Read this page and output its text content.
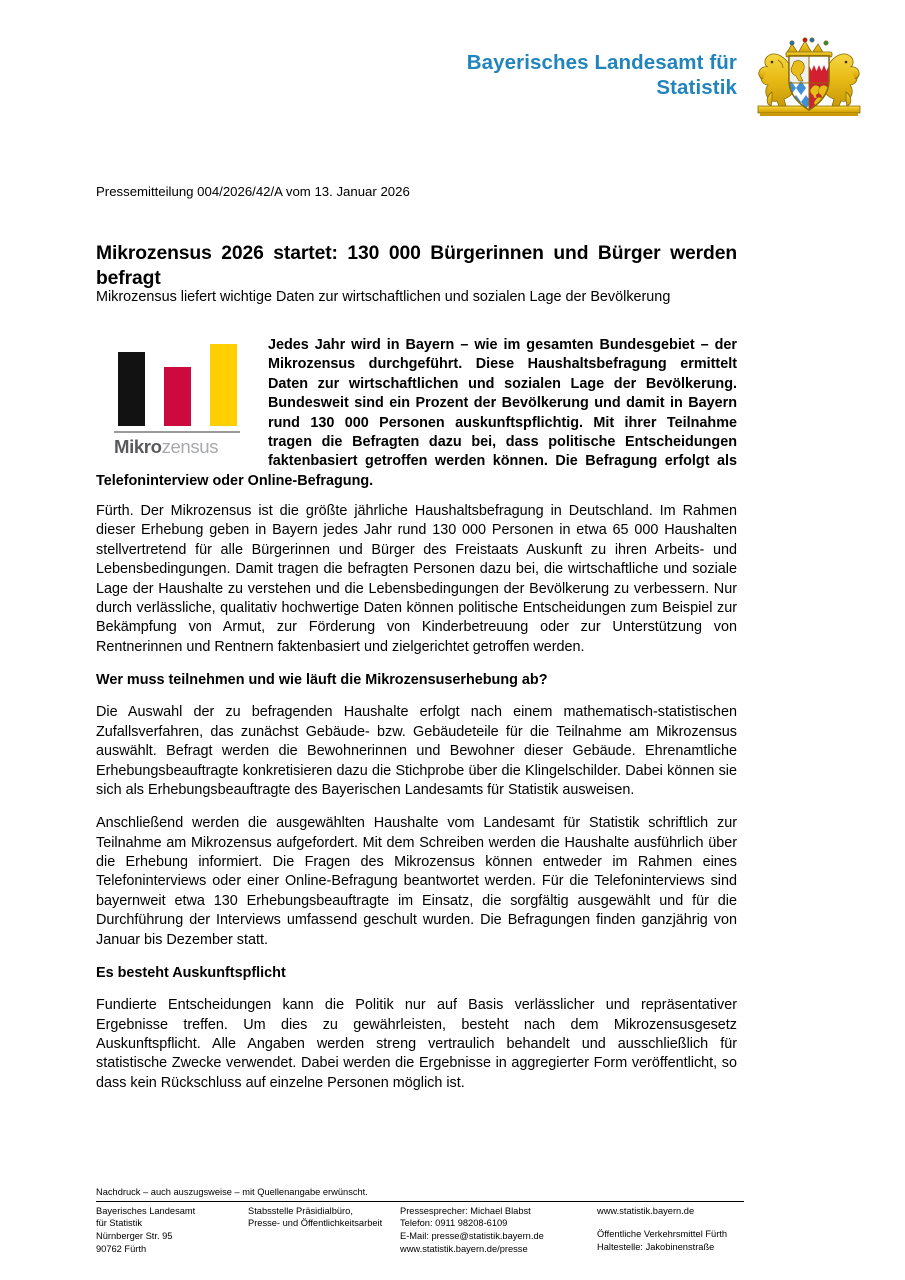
Bayerisches Landesamt für
Statistik
Pressemitteilung 004/2026/42/A vom 13. Januar 2026
Mikrozensus 2026 startet: 130 000 Bürgerinnen und Bürger werden befragt
Mikrozensus liefert wichtige Daten zur wirtschaftlichen und sozialen Lage der Bevölkerung
Mikrozensus
Jedes Jahr wird in Bayern – wie im gesamten Bundesgebiet – der Mikrozensus durchgeführt. Diese Haushaltsbefragung ermittelt Daten zur wirtschaftlichen und sozialen Lage der Bevölkerung. Bundesweit sind ein Prozent der Bevölkerung und damit in Bayern rund 130 000 Personen auskunftspflichtig. Mit ihrer Teilnahme tragen die Befragten dazu bei, dass politische Entscheidungen faktenbasiert getroffen werden können. Die Befragung erfolgt als Telefoninterview oder Online-Befragung.

Fürth. Der Mikrozensus ist die größte jährliche Haushaltsbefragung in Deutschland. Im Rahmen dieser Erhebung geben in Bayern jedes Jahr rund 130 000 Personen in etwa 65 000 Haushalten stellvertretend für alle Bürgerinnen und Bürger des Freistaats Auskunft zu ihren Arbeits- und Lebensbedingungen. Damit tragen die befragten Personen dazu bei, die wirtschaftliche und soziale Lage der Haushalte zu verstehen und die Lebensbedingungen der Bevölkerung zu verbessern. Nur durch verlässliche, qualitativ hochwertige Daten können politische Entscheidungen zum Beispiel zur Bekämpfung von Armut, zur Förderung von Kinderbetreuung oder zur Unterstützung von Rentnerinnen und Rentnern faktenbasiert und zielgerichtet getroffen werden.

Wer muss teilnehmen und wie läuft die Mikrozensuserhebung ab?

Die Auswahl der zu befragenden Haushalte erfolgt nach einem mathematisch-statistischen Zufallsverfahren, das zunächst Gebäude- bzw. Gebäudeteile für die Teilnahme am Mikrozensus auswählt. Befragt werden die Bewohnerinnen und Bewohner dieser Gebäude. Ehrenamtliche Erhebungsbeauftragte konkretisieren dazu die Stichprobe über die Klingelschilder. Dabei können sie sich als Erhebungsbeauftragte des Bayerischen Landesamts für Statistik ausweisen.

Anschließend werden die ausgewählten Haushalte vom Landesamt für Statistik schriftlich zur Teilnahme am Mikrozensus aufgefordert. Mit dem Schreiben werden die Haushalte ausführlich über die Erhebung informiert. Die Fragen des Mikrozensus können entweder im Rahmen eines Telefoninterviews oder einer Online-Befragung beantwortet werden. Für die Telefoninterviews sind bayernweit etwa 130 Erhebungsbeauftragte im Einsatz, die sorgfältig ausgewählt und für die Durchführung der Interviews umfassend geschult wurden. Die Befragungen finden ganzjährig von Januar bis Dezember statt.

Es besteht Auskunftspflicht

Fundierte Entscheidungen kann die Politik nur auf Basis verlässlicher und repräsentativer Ergebnisse treffen. Um dies zu gewährleisten, besteht nach dem Mikrozensusgesetz Auskunftspflicht. Alle Angaben werden streng vertraulich behandelt und ausschließlich für statistische Zwecke verwendet. Dabei werden die Ergebnisse in aggregierter Form veröffentlicht, so dass kein Rückschluss auf einzelne Personen möglich ist.

Nachdruck – auch auszugsweise – mit Quellenangabe erwünscht.
Bayerisches Landesamt
für Statistik
Nürnberger Str. 95
90762 Fürth
Stabsstelle Präsidialbüro,
Presse- und Öffentlichkeitsarbeit
Pressesprecher: Michael Blabst
Telefon: 0911 98208-6109
E-Mail: presse@statistik.bayern.de
www.statistik.bayern.de/presse
www.statistik.bayern.de
Öffentliche Verkehrsmittel Fürth
Haltestelle: Jakobinenstraße
